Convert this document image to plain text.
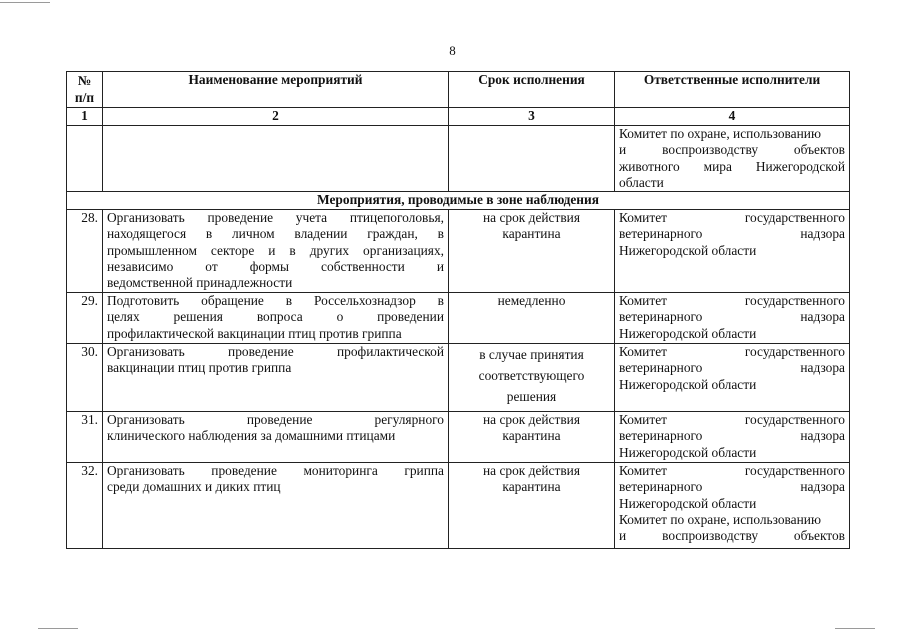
8
№ п/п	Наименование мероприятий	Срок исполнения	Ответственные исполнители
1	2	3	4

			Комитет по охране, использованию
и воспроизводству объектов
животного мира Нижегородской
области

Мероприятия, проводимые в зоне наблюдения			
28.	Организовать проведение учета птицепоголовья,
находящегося в личном владении граждан, в
промышленном секторе и в других организациях,
независимо от формы собственности и
ведомственной принадлежности	на срок действия
карантина	Комитет государственного
ветеринарного надзора
Нижегородской области

29.	Подготовить обращение в Россельхознадзор в
целях решения вопроса о проведении
профилактической вакцинации птиц против гриппа	немедленно	Комитет государственного
ветеринарного надзора
Нижегородской области

30.	Организовать проведение профилактической
вакцинации птиц против гриппа	в случае принятия
соответствующего
решения	Комитет государственного
ветеринарного надзора
Нижегородской области

31.	Организовать проведение регулярного
клинического наблюдения за домашними птицами	на срок действия
карантина	Комитет государственного
ветеринарного надзора
Нижегородской области

32.	Организовать проведение мониторинга гриппа
среди домашних и диких птиц	на срок действия
карантина	Комитет государственного
ветеринарного надзора
Нижегородской области
Комитет по охране, использованию
и воспроизводству объектов
